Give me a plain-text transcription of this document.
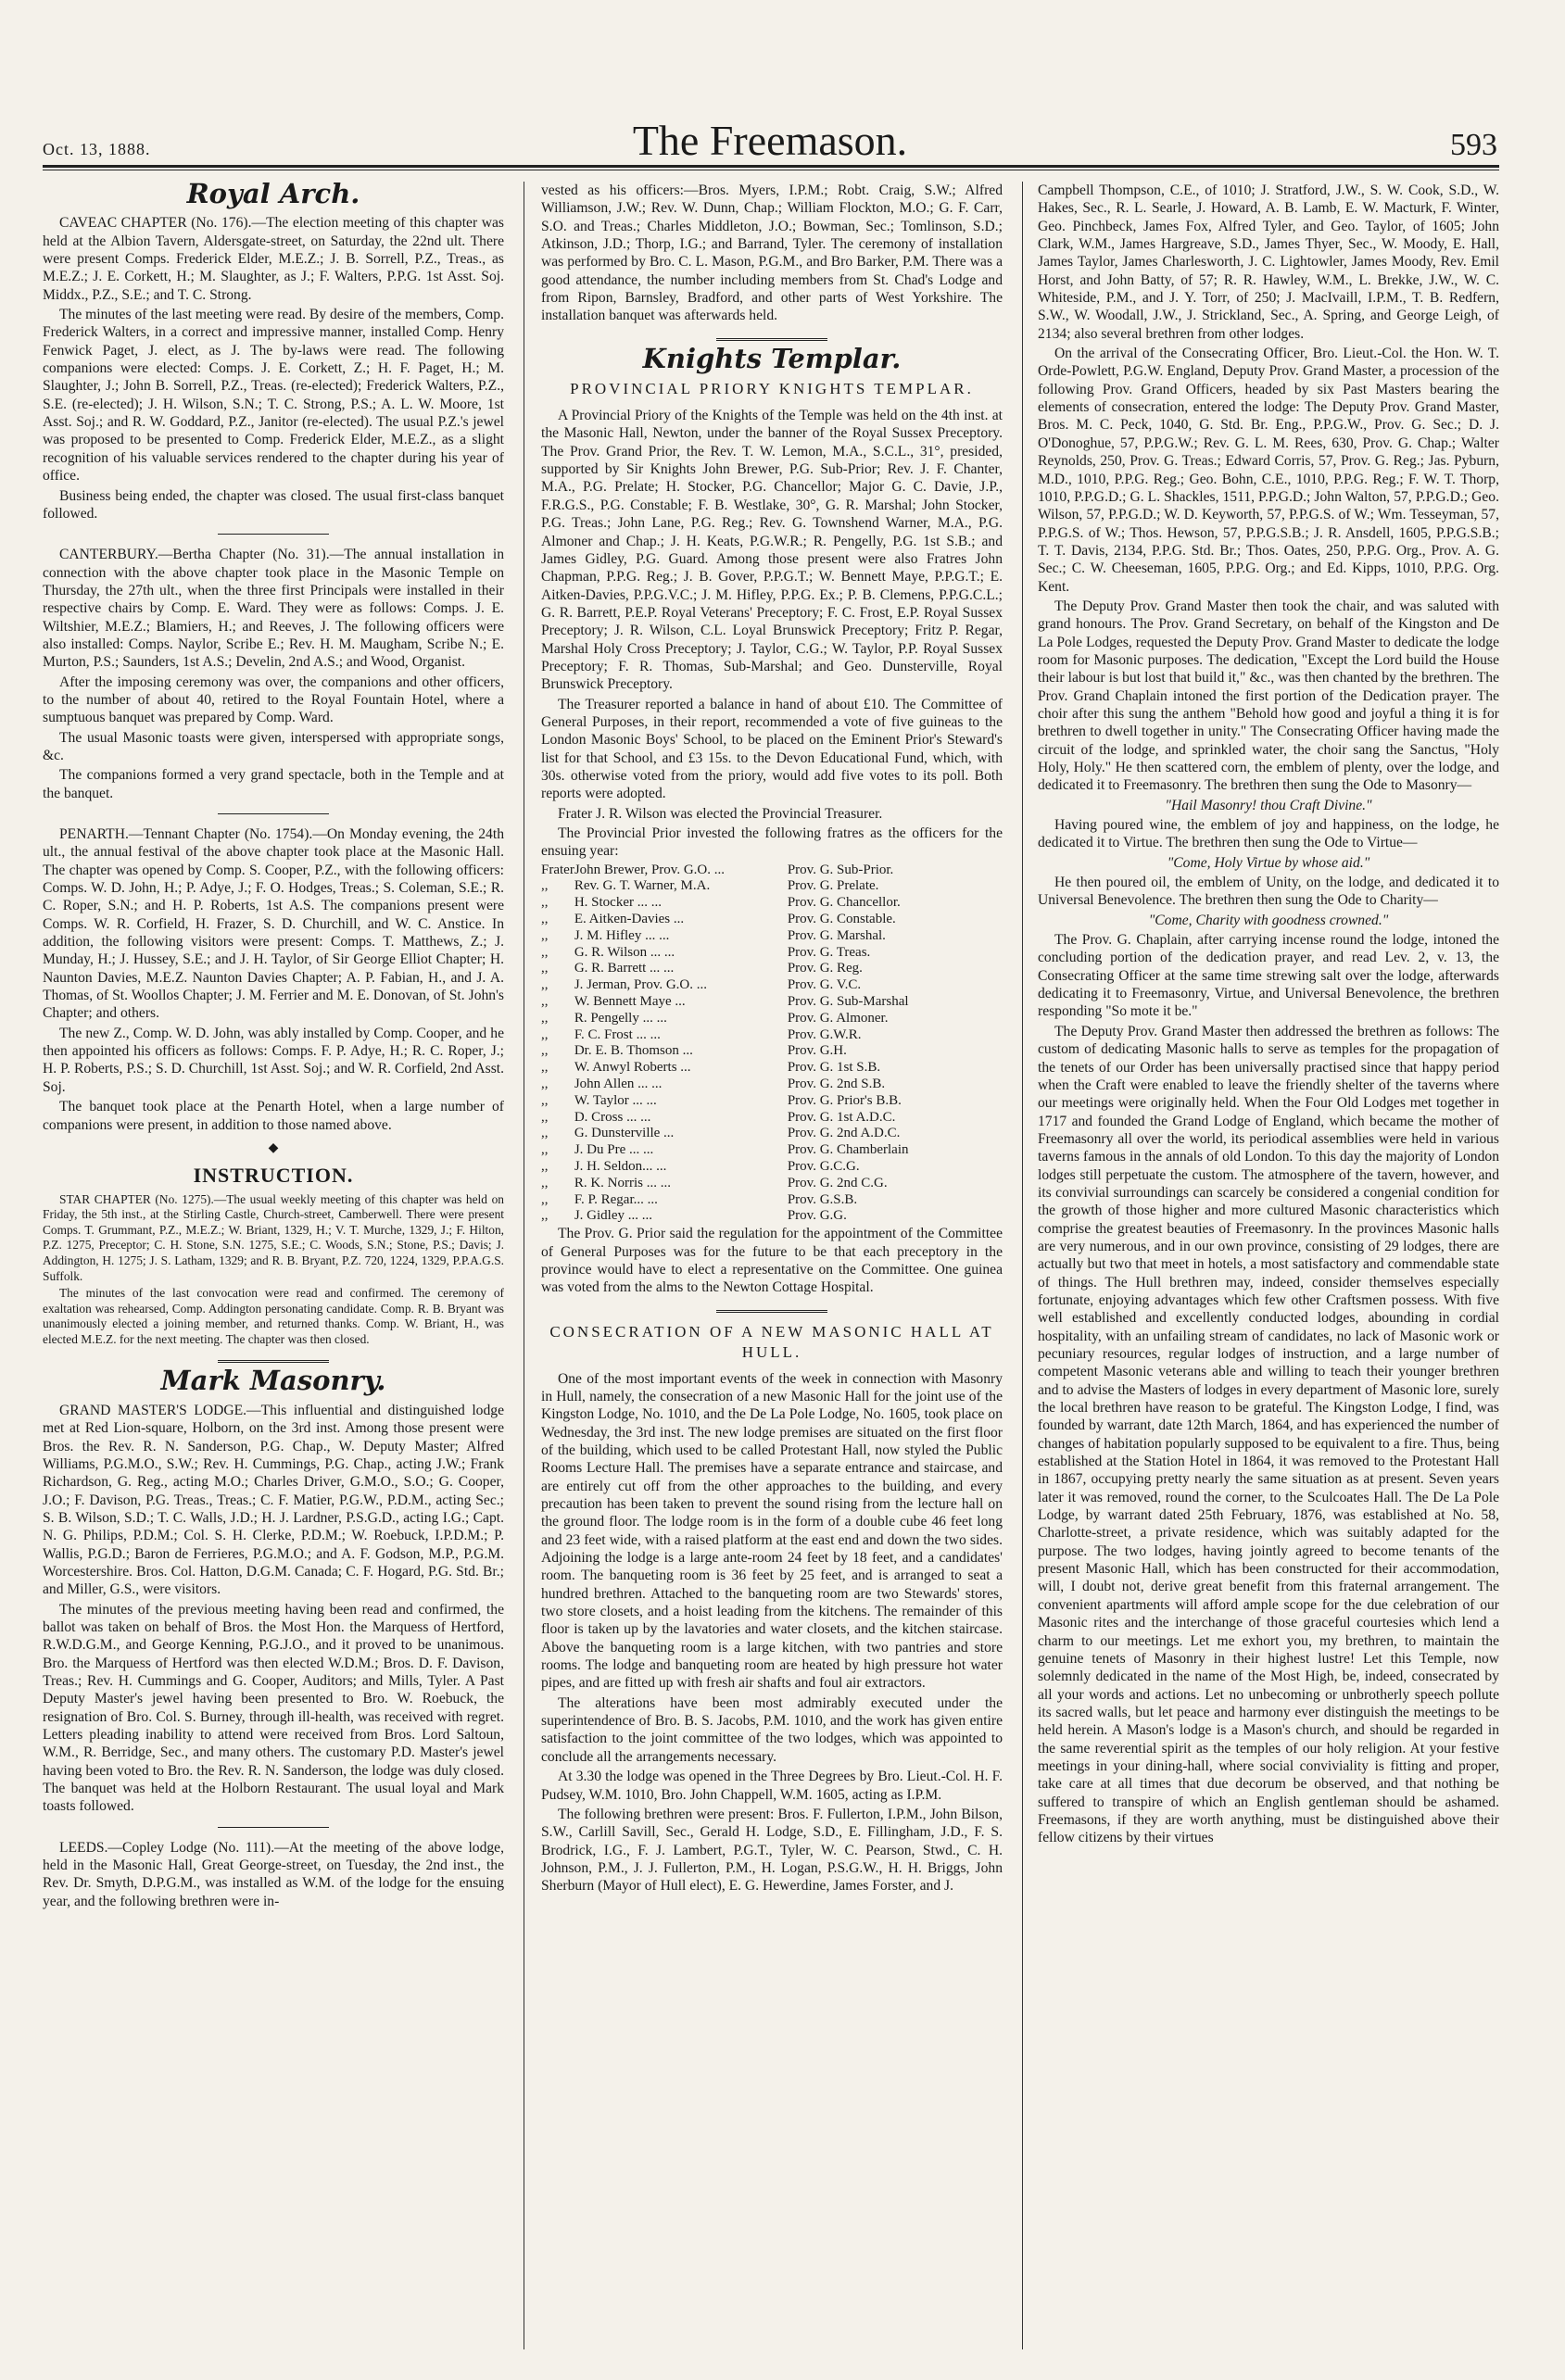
Oct. 13, 1888.	The Freemason.	593
Royal Arch.

CAVEAC CHAPTER (No. 176).—The election meeting of this chapter was held at the Albion Tavern, Aldersgate-street, on Saturday, the 22nd ult. There were present Comps. Frederick Elder, M.E.Z.; J. B. Sorrell, P.Z., Treas., as M.E.Z.; J. E. Corkett, H.; M. Slaughter, as J.; F. Walters, P.P.G. 1st Asst. Soj. Middx., P.Z., S.E.; and T. C. Strong.

The minutes of the last meeting were read. By desire of the members, Comp. Frederick Walters, in a correct and impressive manner, installed Comp. Henry Fenwick Paget, J. elect, as J. The by-laws were read. The following companions were elected: Comps. J. E. Corkett, Z.; H. F. Paget, H.; M. Slaughter, J.; John B. Sorrell, P.Z., Treas. (re-elected); Frederick Walters, P.Z., S.E. (re-elected); J. H. Wilson, S.N.; T. C. Strong, P.S.; A. L. W. Moore, 1st Asst. Soj.; and R. W. Goddard, P.Z., Janitor (re-elected). The usual P.Z.'s jewel was proposed to be presented to Comp. Frederick Elder, M.E.Z., as a slight recognition of his valuable services rendered to the chapter during his year of office.

Business being ended, the chapter was closed. The usual first-class banquet followed.

CANTERBURY.—Bertha Chapter (No. 31).—The annual installation in connection with the above chapter took place in the Masonic Temple on Thursday, the 27th ult., when the three first Principals were installed in their respective chairs by Comp. E. Ward. They were as follows: Comps. J. E. Wiltshier, M.E.Z.; Blamiers, H.; and Reeves, J. The following officers were also installed: Comps. Naylor, Scribe E.; Rev. H. M. Maugham, Scribe N.; E. Murton, P.S.; Saunders, 1st A.S.; Develin, 2nd A.S.; and Wood, Organist.

After the imposing ceremony was over, the companions and other officers, to the number of about 40, retired to the Royal Fountain Hotel, where a sumptuous banquet was prepared by Comp. Ward.

The usual Masonic toasts were given, interspersed with appropriate songs, &c.

The companions formed a very grand spectacle, both in the Temple and at the banquet.

PENARTH.—Tennant Chapter (No. 1754).—On Monday evening, the 24th ult., the annual festival of the above chapter took place at the Masonic Hall. The chapter was opened by Comp. S. Cooper, P.Z., with the following officers: Comps. W. D. John, H.; P. Adye, J.; F. O. Hodges, Treas.; S. Coleman, S.E.; R. C. Roper, S.N.; and H. P. Roberts, 1st A.S. The companions present were Comps. W. R. Corfield, H. Frazer, S. D. Churchill, and W. C. Anstice. In addition, the following visitors were present: Comps. T. Matthews, Z.; J. Munday, H.; J. Hussey, S.E.; and J. H. Taylor, of Sir George Elliot Chapter; H. Naunton Davies, M.E.Z. Naunton Davies Chapter; A. P. Fabian, H., and J. A. Thomas, of St. Woollos Chapter; J. M. Ferrier and M. E. Donovan, of St. John's Chapter; and others.

The new Z., Comp. W. D. John, was ably installed by Comp. Cooper, and he then appointed his officers as follows: Comps. F. P. Adye, H.; R. C. Roper, J.; H. P. Roberts, P.S.; S. D. Churchill, 1st Asst. Soj.; and W. R. Corfield, 2nd Asst. Soj.

The banquet took place at the Penarth Hotel, when a large number of companions were present, in addition to those named above.

◆
INSTRUCTION.

STAR CHAPTER (No. 1275).—The usual weekly meeting of this chapter was held on Friday, the 5th inst., at the Stirling Castle, Church-street, Camberwell. There were present Comps. T. Grummant, P.Z., M.E.Z.; W. Briant, 1329, H.; V. T. Murche, 1329, J.; F. Hilton, P.Z. 1275, Preceptor; C. H. Stone, S.N. 1275, S.E.; C. Woods, S.N.; Stone, P.S.; Davis; J. Addington, H. 1275; J. S. Latham, 1329; and R. B. Bryant, P.Z. 720, 1224, 1329, P.P.A.G.S. Suffolk.

The minutes of the last convocation were read and confirmed. The ceremony of exaltation was rehearsed, Comp. Addington personating candidate. Comp. R. B. Bryant was unanimously elected a joining member, and returned thanks. Comp. W. Briant, H., was elected M.E.Z. for the next meeting. The chapter was then closed.

Mark Masonry.

GRAND MASTER'S LODGE.—This influential and distinguished lodge met at Red Lion-square, Holborn, on the 3rd inst. Among those present were Bros. the Rev. R. N. Sanderson, P.G. Chap., W. Deputy Master; Alfred Williams, P.G.M.O., S.W.; Rev. H. Cummings, P.G. Chap., acting J.W.; Frank Richardson, G. Reg., acting M.O.; Charles Driver, G.M.O., S.O.; G. Cooper, J.O.; F. Davison, P.G. Treas., Treas.; C. F. Matier, P.G.W., P.D.M., acting Sec.; S. B. Wilson, S.D.; T. C. Walls, J.D.; H. J. Lardner, P.S.G.D., acting I.G.; Capt. N. G. Philips, P.D.M.; Col. S. H. Clerke, P.D.M.; W. Roebuck, I.P.D.M.; P. Wallis, P.G.D.; Baron de Ferrieres, P.G.M.O.; and A. F. Godson, M.P., P.G.M. Worcestershire. Bros. Col. Hatton, D.G.M. Canada; C. F. Hogard, P.G. Std. Br.; and Miller, G.S., were visitors.

The minutes of the previous meeting having been read and confirmed, the ballot was taken on behalf of Bros. the Most Hon. the Marquess of Hertford, R.W.D.G.M., and George Kenning, P.G.J.O., and it proved to be unanimous. Bro. the Marquess of Hertford was then elected W.D.M.; Bros. D. F. Davison, Treas.; Rev. H. Cummings and G. Cooper, Auditors; and Mills, Tyler. A Past Deputy Master's jewel having been presented to Bro. W. Roebuck, the resignation of Bro. Col. S. Burney, through ill-health, was received with regret. Letters pleading inability to attend were received from Bros. Lord Saltoun, W.M., R. Berridge, Sec., and many others. The customary P.D. Master's jewel having been voted to Bro. the Rev. R. N. Sanderson, the lodge was duly closed. The banquet was held at the Holborn Restaurant. The usual loyal and Mark toasts followed.

LEEDS.—Copley Lodge (No. 111).—At the meeting of the above lodge, held in the Masonic Hall, Great George-street, on Tuesday, the 2nd inst., the Rev. Dr. Smyth, D.P.G.M., was installed as W.M. of the lodge for the ensuing year, and the following brethren were in-

vested as his officers:—Bros. Myers, I.P.M.; Robt. Craig, S.W.; Alfred Williamson, J.W.; Rev. W. Dunn, Chap.; William Flockton, M.O.; G. F. Carr, S.O. and Treas.; Charles Middleton, J.O.; Bowman, Sec.; Tomlinson, S.D.; Atkinson, J.D.; Thorp, I.G.; and Barrand, Tyler. The ceremony of installation was performed by Bro. C. L. Mason, P.G.M., and Bro Barker, P.M. There was a good attendance, the number including members from St. Chad's Lodge and from Ripon, Barnsley, Bradford, and other parts of West Yorkshire. The installation banquet was afterwards held.

Knights Templar.
PROVINCIAL PRIORY KNIGHTS TEMPLAR.

A Provincial Priory of the Knights of the Temple was held on the 4th inst. at the Masonic Hall, Newton, under the banner of the Royal Sussex Preceptory. The Prov. Grand Prior, the Rev. T. W. Lemon, M.A., S.C.L., 31°, presided, supported by Sir Knights John Brewer, P.G. Sub-Prior; Rev. J. F. Chanter, M.A., P.G. Prelate; H. Stocker, P.G. Chancellor; Major G. C. Davie, J.P., F.R.G.S., P.G. Constable; F. B. Westlake, 30°, G. R. Marshal; John Stocker, P.G. Treas.; John Lane, P.G. Reg.; Rev. G. Townshend Warner, M.A., P.G. Almoner and Chap.; J. H. Keats, P.G.W.R.; R. Pengelly, P.G. 1st S.B.; and James Gidley, P.G. Guard. Among those present were also Fratres John Chapman, P.P.G. Reg.; J. B. Gover, P.P.G.T.; W. Bennett Maye, P.P.G.T.; E. Aitken-Davies, P.P.G.V.C.; J. M. Hifley, P.P.G. Ex.; P. B. Clemens, P.P.G.C.L.; G. R. Barrett, P.E.P. Royal Veterans' Preceptory; F. C. Frost, E.P. Royal Sussex Preceptory; J. R. Wilson, C.L. Loyal Brunswick Preceptory; Fritz P. Regar, Marshal Holy Cross Preceptory; J. Taylor, C.G.; W. Taylor, P.P. Royal Sussex Preceptory; F. R. Thomas, Sub-Marshal; and Geo. Dunsterville, Royal Brunswick Preceptory.

The Treasurer reported a balance in hand of about £10. The Committee of General Purposes, in their report, recommended a vote of five guineas to the London Masonic Boys' School, to be placed on the Eminent Prior's Steward's list for that School, and £3 15s. to the Devon Educational Fund, which, with 30s. otherwise voted from the priory, would add five votes to its poll. Both reports were adopted.

Frater J. R. Wilson was elected the Provincial Treasurer.

The Provincial Prior invested the following fratres as the officers for the ensuing year:

Frater	John Brewer, Prov. G.O. ...	Prov. G. Sub-Prior.
,,	Rev. G. T. Warner, M.A.	Prov. G. Prelate.
,,	H. Stocker ... ...	Prov. G. Chancellor.
,,	E. Aitken-Davies ...	Prov. G. Constable.
,,	J. M. Hifley ... ...	Prov. G. Marshal.
,,	G. R. Wilson ... ...	Prov. G. Treas.
,,	G. R. Barrett ... ...	Prov. G. Reg.
,,	J. Jerman, Prov. G.O. ...	Prov. G. V.C.
,,	W. Bennett Maye ...	Prov. G. Sub-Marshal
,,	R. Pengelly ... ...	Prov. G. Almoner.
,,	F. C. Frost ... ...	Prov. G.W.R.
,,	Dr. E. B. Thomson ...	Prov. G.H.
,,	W. Anwyl Roberts ...	Prov. G. 1st S.B.
,,	John Allen ... ...	Prov. G. 2nd S.B.
,,	W. Taylor ... ...	Prov. G. Prior's B.B.
,,	D. Cross ... ...	Prov. G. 1st A.D.C.
,,	G. Dunsterville ...	Prov. G. 2nd A.D.C.
,,	J. Du Pre ... ...	Prov. G. Chamberlain
,,	J. H. Seldon... ...	Prov. G.C.G.
,,	R. K. Norris ... ...	Prov. G. 2nd C.G.
,,	F. P. Regar... ...	Prov. G.S.B.
,,	J. Gidley ... ...	Prov. G.G.

The Prov. G. Prior said the regulation for the appointment of the Committee of General Purposes was for the future to be that each preceptory in the province would have to elect a representative on the Committee. One guinea was voted from the alms to the Newton Cottage Hospital.

CONSECRATION OF A NEW MASONIC HALL AT HULL.

One of the most important events of the week in connection with Masonry in Hull, namely, the consecration of a new Masonic Hall for the joint use of the Kingston Lodge, No. 1010, and the De La Pole Lodge, No. 1605, took place on Wednesday, the 3rd inst. The new lodge premises are situated on the first floor of the building, which used to be called Protestant Hall, now styled the Public Rooms Lecture Hall. The premises have a separate entrance and staircase, and are entirely cut off from the other approaches to the building, and every precaution has been taken to prevent the sound rising from the lecture hall on the ground floor. The lodge room is in the form of a double cube 46 feet long and 23 feet wide, with a raised platform at the east end and down the two sides. Adjoining the lodge is a large ante-room 24 feet by 18 feet, and a candidates' room. The banqueting room is 36 feet by 25 feet, and is arranged to seat a hundred brethren. Attached to the banqueting room are two Stewards' stores, two store closets, and a hoist leading from the kitchens. The remainder of this floor is taken up by the lavatories and water closets, and the kitchen staircase. Above the banqueting room is a large kitchen, with two pantries and store rooms. The lodge and banqueting room are heated by high pressure hot water pipes, and are fitted up with fresh air shafts and foul air extractors.

The alterations have been most admirably executed under the superintendence of Bro. B. S. Jacobs, P.M. 1010, and the work has given entire satisfaction to the joint committee of the two lodges, which was appointed to conclude all the arrangements necessary.

At 3.30 the lodge was opened in the Three Degrees by Bro. Lieut.-Col. H. F. Pudsey, W.M. 1010, Bro. John Chappell, W.M. 1605, acting as I.P.M.

The following brethren were present: Bros. F. Fullerton, I.P.M., John Bilson, S.W., Carlill Savill, Sec., Gerald H. Lodge, S.D., E. Fillingham, J.D., F. S. Brodrick, I.G., F. J. Lambert, P.G.T., Tyler, W. C. Pearson, Stwd., C. H. Johnson, P.M., J. J. Fullerton, P.M., H. Logan, P.S.G.W., H. H. Briggs, John Sherburn (Mayor of Hull elect), E. G. Hewerdine, James Forster, and J.

Campbell Thompson, C.E., of 1010; J. Stratford, J.W., S. W. Cook, S.D., W. Hakes, Sec., R. L. Searle, J. Howard, A. B. Lamb, E. W. Macturk, F. Winter, Geo. Pinchbeck, James Fox, Alfred Tyler, and Geo. Taylor, of 1605; John Clark, W.M., James Hargreave, S.D., James Thyer, Sec., W. Moody, E. Hall, James Taylor, James Charlesworth, J. C. Lightowler, James Moody, Rev. Emil Horst, and John Batty, of 57; R. R. Hawley, W.M., L. Brekke, J.W., W. C. Whiteside, P.M., and J. Y. Torr, of 250; J. MacIvaill, I.P.M., T. B. Redfern, S.W., W. Woodall, J.W., J. Strickland, Sec., A. Spring, and George Leigh, of 2134; also several brethren from other lodges.

On the arrival of the Consecrating Officer, Bro. Lieut.-Col. the Hon. W. T. Orde-Powlett, P.G.W. England, Deputy Prov. Grand Master, a procession of the following Prov. Grand Officers, headed by six Past Masters bearing the elements of consecration, entered the lodge: The Deputy Prov. Grand Master, Bros. M. C. Peck, 1040, G. Std. Br. Eng., P.P.G.W., Prov. G. Sec.; D. J. O'Donoghue, 57, P.P.G.W.; Rev. G. L. M. Rees, 630, Prov. G. Chap.; Walter Reynolds, 250, Prov. G. Treas.; Edward Corris, 57, Prov. G. Reg.; Jas. Pyburn, M.D., 1010, P.P.G. Reg.; Geo. Bohn, C.E., 1010, P.P.G. Reg.; F. W. T. Thorp, 1010, P.P.G.D.; G. L. Shackles, 1511, P.P.G.D.; John Walton, 57, P.P.G.D.; Geo. Wilson, 57, P.P.G.D.; W. D. Keyworth, 57, P.P.G.S. of W.; Wm. Tesseyman, 57, P.P.G.S. of W.; Thos. Hewson, 57, P.P.G.S.B.; J. R. Ansdell, 1605, P.P.G.S.B.; T. T. Davis, 2134, P.P.G. Std. Br.; Thos. Oates, 250, P.P.G. Org., Prov. A. G. Sec.; C. W. Cheeseman, 1605, P.P.G. Org.; and Ed. Kipps, 1010, P.P.G. Org. Kent.

The Deputy Prov. Grand Master then took the chair, and was saluted with grand honours. The Prov. Grand Secretary, on behalf of the Kingston and De La Pole Lodges, requested the Deputy Prov. Grand Master to dedicate the lodge room for Masonic purposes. The dedication, "Except the Lord build the House their labour is but lost that build it," &c., was then chanted by the brethren. The Prov. Grand Chaplain intoned the first portion of the Dedication prayer. The choir after this sung the anthem "Behold how good and joyful a thing it is for brethren to dwell together in unity." The Consecrating Officer having made the circuit of the lodge, and sprinkled water, the choir sang the Sanctus, "Holy Holy, Holy." He then scattered corn, the emblem of plenty, over the lodge, and dedicated it to Freemasonry. The brethren then sung the Ode to Masonry—

"Hail Masonry! thou Craft Divine."

Having poured wine, the emblem of joy and happiness, on the lodge, he dedicated it to Virtue. The brethren then sung the Ode to Virtue—

"Come, Holy Virtue by whose aid."

He then poured oil, the emblem of Unity, on the lodge, and dedicated it to Universal Benevolence. The brethren then sung the Ode to Charity—

"Come, Charity with goodness crowned."

The Prov. G. Chaplain, after carrying incense round the lodge, intoned the concluding portion of the dedication prayer, and read Lev. 2, v. 13, the Consecrating Officer at the same time strewing salt over the lodge, afterwards dedicating it to Freemasonry, Virtue, and Universal Benevolence, the brethren responding "So mote it be."

The Deputy Prov. Grand Master then addressed the brethren as follows: The custom of dedicating Masonic halls to serve as temples for the propagation of the tenets of our Order has been universally practised since that happy period when the Craft were enabled to leave the friendly shelter of the taverns where our meetings were originally held. When the Four Old Lodges met together in 1717 and founded the Grand Lodge of England, which became the mother of Freemasonry all over the world, its periodical assemblies were held in various taverns famous in the annals of old London. To this day the majority of London lodges still perpetuate the custom. The atmosphere of the tavern, however, and its convivial surroundings can scarcely be considered a congenial condition for the growth of those higher and more cultured Masonic characteristics which comprise the greatest beauties of Freemasonry. In the provinces Masonic halls are very numerous, and in our own province, consisting of 29 lodges, there are actually but two that meet in hotels, a most satisfactory and commendable state of things. The Hull brethren may, indeed, consider themselves especially fortunate, enjoying advantages which few other Craftsmen possess. With five well established and excellently conducted lodges, abounding in cordial hospitality, with an unfailing stream of candidates, no lack of Masonic work or pecuniary resources, regular lodges of instruction, and a large number of competent Masonic veterans able and willing to teach their younger brethren and to advise the Masters of lodges in every department of Masonic lore, surely the local brethren have reason to be grateful. The Kingston Lodge, I find, was founded by warrant, date 12th March, 1864, and has experienced the number of changes of habitation popularly supposed to be equivalent to a fire. Thus, being established at the Station Hotel in 1864, it was removed to the Protestant Hall in 1867, occupying pretty nearly the same situation as at present. Seven years later it was removed, round the corner, to the Sculcoates Hall. The De La Pole Lodge, by warrant dated 25th February, 1876, was established at No. 58, Charlotte-street, a private residence, which was suitably adapted for the purpose. The two lodges, having jointly agreed to become tenants of the present Masonic Hall, which has been constructed for their accommodation, will, I doubt not, derive great benefit from this fraternal arrangement. The convenient apartments will afford ample scope for the due celebration of our Masonic rites and the interchange of those graceful courtesies which lend a charm to our meetings. Let me exhort you, my brethren, to maintain the genuine tenets of Masonry in their highest lustre! Let this Temple, now solemnly dedicated in the name of the Most High, be, indeed, consecrated by all your words and actions. Let no unbecoming or unbrotherly speech pollute its sacred walls, but let peace and harmony ever distinguish the meetings to be held herein. A Mason's lodge is a Mason's church, and should be regarded in the same reverential spirit as the temples of our holy religion. At your festive meetings in your dining-hall, where social conviviality is fitting and proper, take care at all times that due decorum be observed, and that nothing be suffered to transpire of which an English gentleman should be ashamed. Freemasons, if they are worth anything, must be distinguished above their fellow citizens by their virtues
